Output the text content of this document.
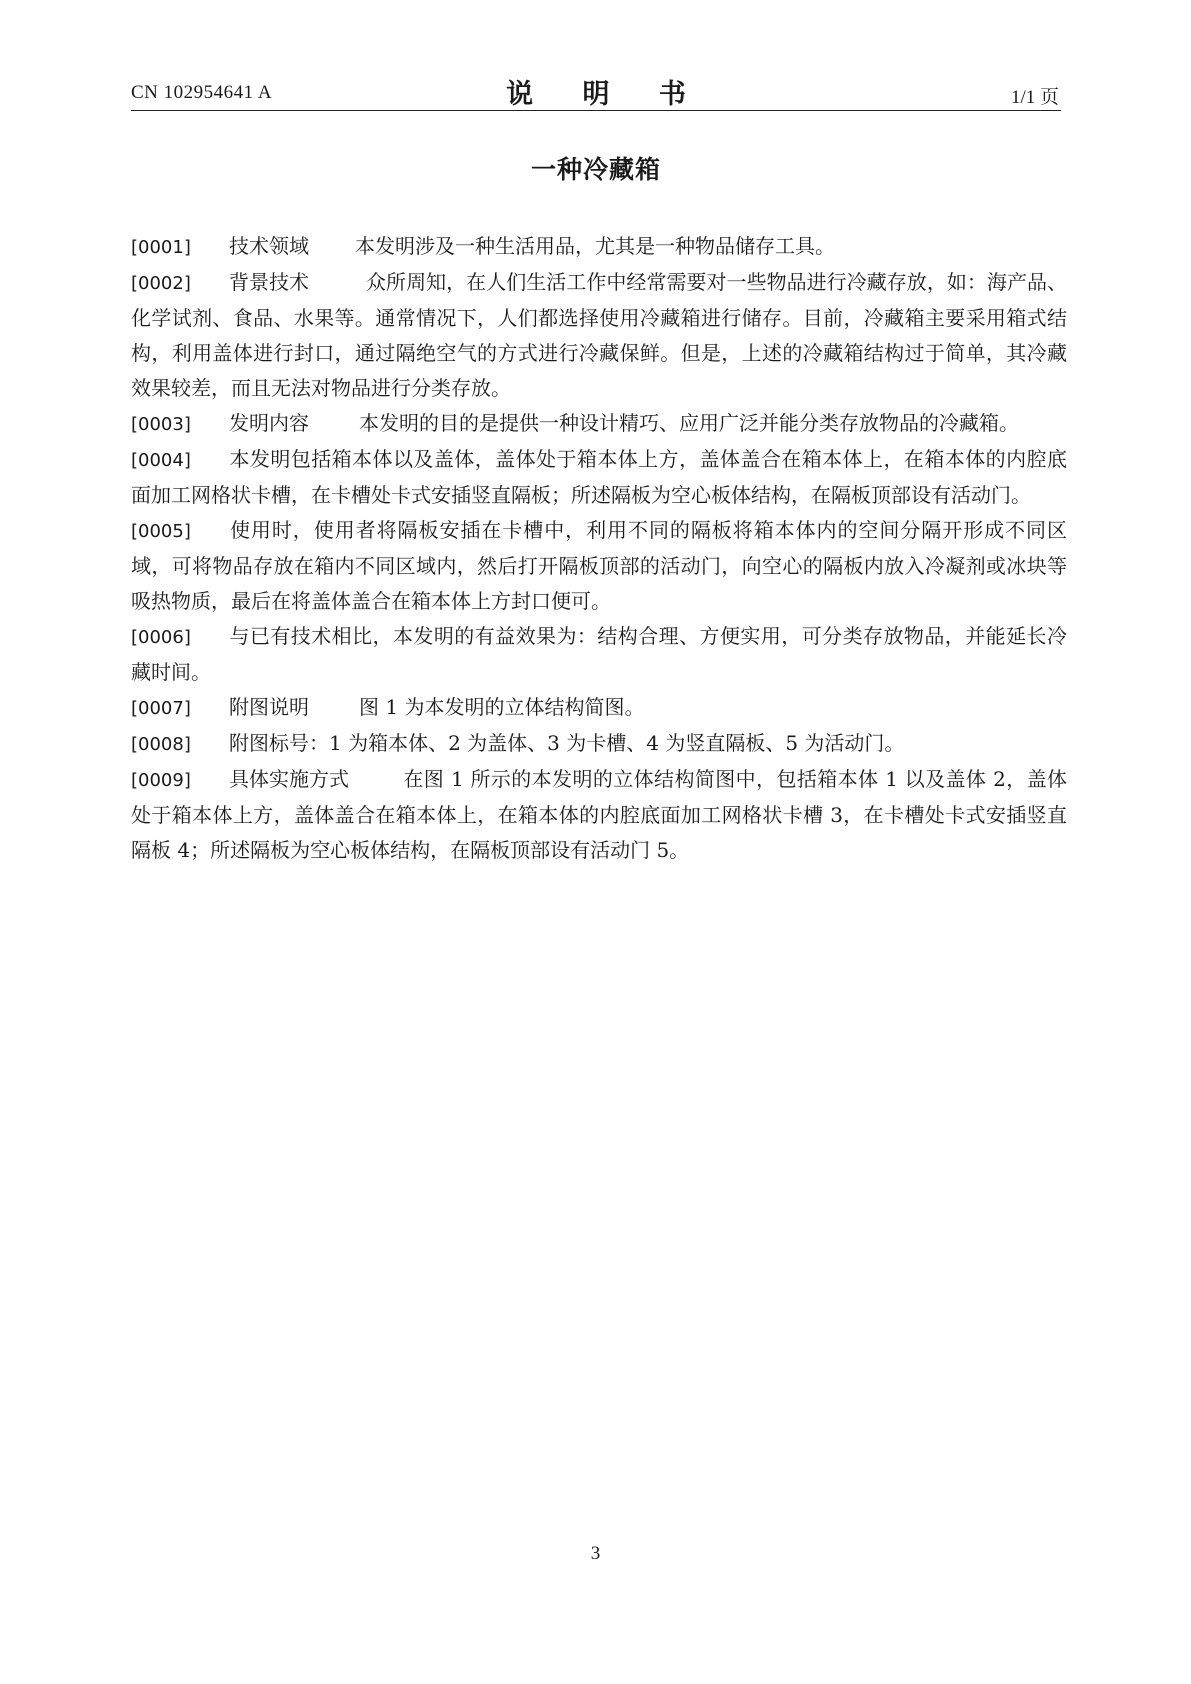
CN 102954641 A	说 明 书	1/1 页
一种冷藏箱

[0001] 技术领域 本发明涉及一种生活用品，尤其是一种物品储存工具。

[0002] 背景技术	众所周知，在人们生活工作中经常需要对一些物品进行冷藏存放，如：海产品、化学试剂、食品、水果等。通常情况下，人们都选择使用冷藏箱进行储存。目前，冷藏箱主要采用箱式结构，利用盖体进行封口，通过隔绝空气的方式进行冷藏保鲜。但是，上述的冷藏箱结构过于简单，其冷藏效果较差，而且无法对物品进行分类存放。

[0003] 发明内容	本发明的目的是提供一种设计精巧、应用广泛并能分类存放物品的冷藏箱。

[0004] 本发明包括箱本体以及盖体，盖体处于箱本体上方，盖体盖合在箱本体上，在箱本体的内腔底面加工网格状卡槽，在卡槽处卡式安插竖直隔板；所述隔板为空心板体结构，在隔板顶部设有活动门。

[0005] 使用时，使用者将隔板安插在卡槽中，利用不同的隔板将箱本体内的空间分隔开形成不同区域，可将物品存放在箱内不同区域内，然后打开隔板顶部的活动门，向空心的隔板内放入冷凝剂或冰块等吸热物质，最后在将盖体盖合在箱本体上方封口便可。

[0006] 与已有技术相比，本发明的有益效果为：结构合理、方便实用，可分类存放物品，并能延长冷藏时间。

[0007] 附图说明	图 1 为本发明的立体结构简图。

[0008] 附图标号：1 为箱本体、2 为盖体、3 为卡槽、4 为竖直隔板、5 为活动门。

[0009] 具体实施方式	在图 1 所示的本发明的立体结构简图中，包括箱本体 1 以及盖体 2，盖体处于箱本体上方，盖体盖合在箱本体上，在箱本体的内腔底面加工网格状卡槽 3，在卡槽处卡式安插竖直隔板 4；所述隔板为空心板体结构，在隔板顶部设有活动门 5。

3
